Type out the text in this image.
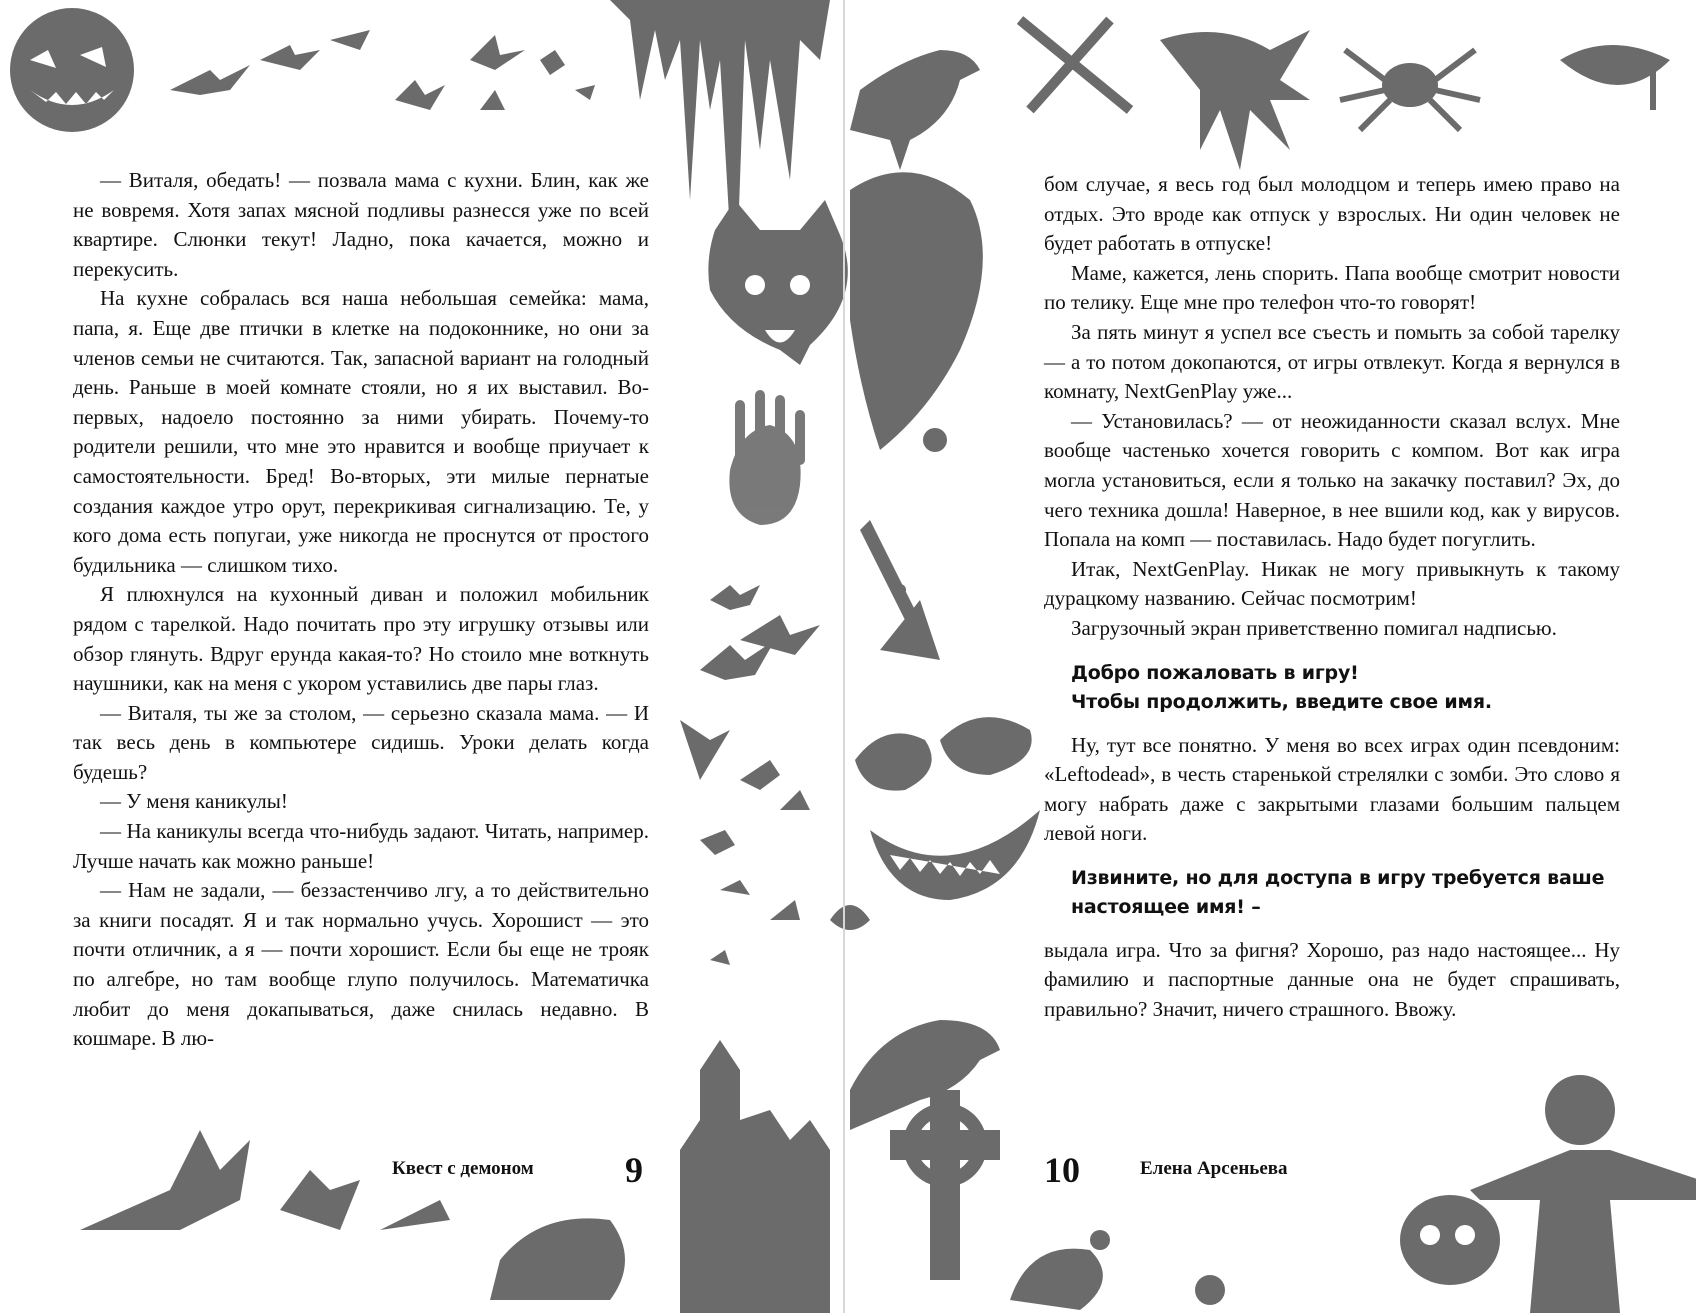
— Виталя, обедать! — позвала мама с кухни. Блин, как же не вовремя. Хотя запах мясной подливы разнесся уже по всей квартире. Слюнки текут! Ладно, пока качается, можно и перекусить.

На кухне собралась вся наша небольшая семейка: мама, папа, я. Еще две птички в клетке на подоконнике, но они за членов семьи не считаются. Так, запасной вариант на голодный день. Раньше в моей комнате стояли, но я их выставил. Во-первых, надоело постоянно за ними убирать. Почему-то родители решили, что мне это нравится и вообще приучает к самостоятельности. Бред! Во-вторых, эти милые пернатые создания каждое утро орут, перекрикивая сигнализацию. Те, у кого дома есть попугаи, уже никогда не проснутся от простого будильника — слишком тихо.

Я плюхнулся на кухонный диван и положил мобильник рядом с тарелкой. Надо почитать про эту игрушку отзывы или обзор глянуть. Вдруг ерунда какая-то? Но стоило мне воткнуть наушники, как на меня с укором уставились две пары глаз.

— Виталя, ты же за столом, — серьезно сказала мама. — И так весь день в компьютере сидишь. Уроки делать когда будешь?

— У меня каникулы!

— На каникулы всегда что-нибудь задают. Читать, например. Лучше начать как можно раньше!

— Нам не задали, — беззастенчиво лгу, а то действительно за книги посадят. Я и так нормально учусь. Хорошист — это почти отличник, а я — почти хорошист. Если бы еще не трояк по алгебре, но там вообще глупо получилось. Математичка любит до меня докапываться, даже снилась недавно. В кошмаре. В лю-

Квест с демоном	9

бом случае, я весь год был молодцом и теперь имею право на отдых. Это вроде как отпуск у взрослых. Ни один человек не будет работать в отпуске!

Маме, кажется, лень спорить. Папа вообще смотрит новости по телику. Еще мне про телефон что-то говорят!

За пять минут я успел все съесть и помыть за собой тарелку — а то потом докопаются, от игры отвлекут. Когда я вернулся в комнату, NextGenPlay уже...

— Установилась? — от неожиданности сказал вслух. Мне вообще частенько хочется говорить с компом. Вот как игра могла установиться, если я только на закачку поставил? Эх, до чего техника дошла! Наверное, в нее вшили код, как у вирусов. Попала на комп — поставилась. Надо будет погуглить.

Итак, NextGenPlay. Никак не могу привыкнуть к такому дурацкому названию. Сейчас посмотрим!

Загрузочный экран приветственно помигал надписью.

Добро пожаловать в игру!
Чтобы продолжить, введите свое имя.

Ну, тут все понятно. У меня во всех играх один псевдоним: «Leftodead», в честь старенькой стрелялки с зомби. Это слово я могу набрать даже с закрытыми глазами большим пальцем левой ноги.

Извините, но для доступа в игру требуется ваше
настоящее имя! –

выдала игра. Что за фигня? Хорошо, раз надо настоящее... Ну фамилию и паспортные данные она не будет спрашивать, правильно? Значит, ничего страшного. Ввожу.

10	Елена Арсеньева
